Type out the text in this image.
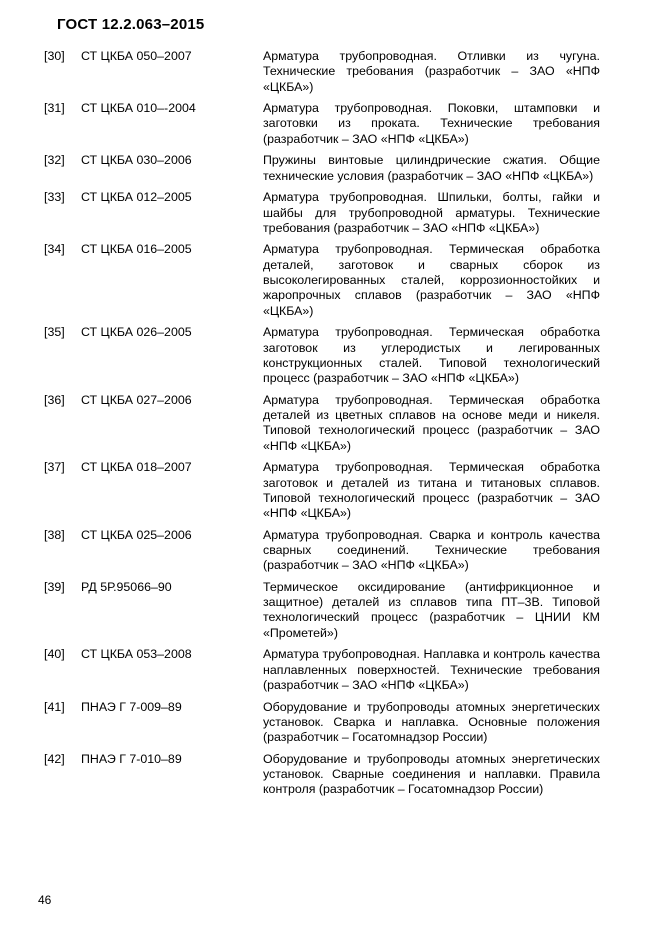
ГОСТ 12.2.063–2015
[30]	СТ ЦКБА 050–2007	Арматура трубопроводная. Отливки из чугуна. Технические требования (разработчик – ЗАО «НПФ «ЦКБА»)
[31]	СТ ЦКБА 010–-2004	Арматура трубопроводная. Поковки, штамповки и заготовки из проката. Технические требования (разработчик – ЗАО «НПФ «ЦКБА»)
[32]	СТ ЦКБА 030–2006	Пружины винтовые цилиндрические сжатия. Общие технические условия (разработчик – ЗАО «НПФ «ЦКБА»)
[33]	СТ ЦКБА 012–2005	Арматура трубопроводная. Шпильки, болты, гайки и шайбы для трубопроводной арматуры. Технические требования (разработчик – ЗАО «НПФ «ЦКБА»)
[34]	СТ ЦКБА 016–2005	Арматура трубопроводная. Термическая обработка деталей, заготовок и сварных сборок из высоколегированных сталей, коррозионностойких и жаропрочных сплавов (разработчик – ЗАО «НПФ «ЦКБА»)
[35]	СТ ЦКБА 026–2005	Арматура трубопроводная. Термическая обработка заготовок из углеродистых и легированных конструкционных сталей. Типовой технологический процесс (разработчик – ЗАО «НПФ «ЦКБА»)
[36]	СТ ЦКБА 027–2006	Арматура трубопроводная. Термическая обработка деталей из цветных сплавов на основе меди и никеля. Типовой технологический процесс (разработчик – ЗАО «НПФ «ЦКБА»)
[37]	СТ ЦКБА 018–2007	Арматура трубопроводная. Термическая обработка заготовок и деталей из титана и титановых сплавов. Типовой технологический процесс (разработчик – ЗАО «НПФ «ЦКБА»)
[38]	СТ ЦКБА 025–2006	Арматура трубопроводная. Сварка и контроль качества сварных соединений. Технические требования (разработчик – ЗАО «НПФ «ЦКБА»)
[39]	РД 5Р.95066–90	Термическое оксидирование (антифрикционное и защитное) деталей из сплавов типа ПТ–3В. Типовой технологический процесс (разработчик – ЦНИИ КМ «Прометей»)
[40]	СТ ЦКБА 053–2008	Арматура трубопроводная. Наплавка и контроль качества наплавленных поверхностей. Технические требования (разработчик – ЗАО «НПФ «ЦКБА»)
[41]	ПНАЭ Г 7-009–89	Оборудование и трубопроводы атомных энергетических установок. Сварка и наплавка. Основные положения (разработчик – Госатомнадзор России)
[42]	ПНАЭ Г 7-010–89	Оборудование и трубопроводы атомных энергетических установок. Сварные соединения и наплавки. Правила контроля (разработчик – Госатомнадзор России)
46
